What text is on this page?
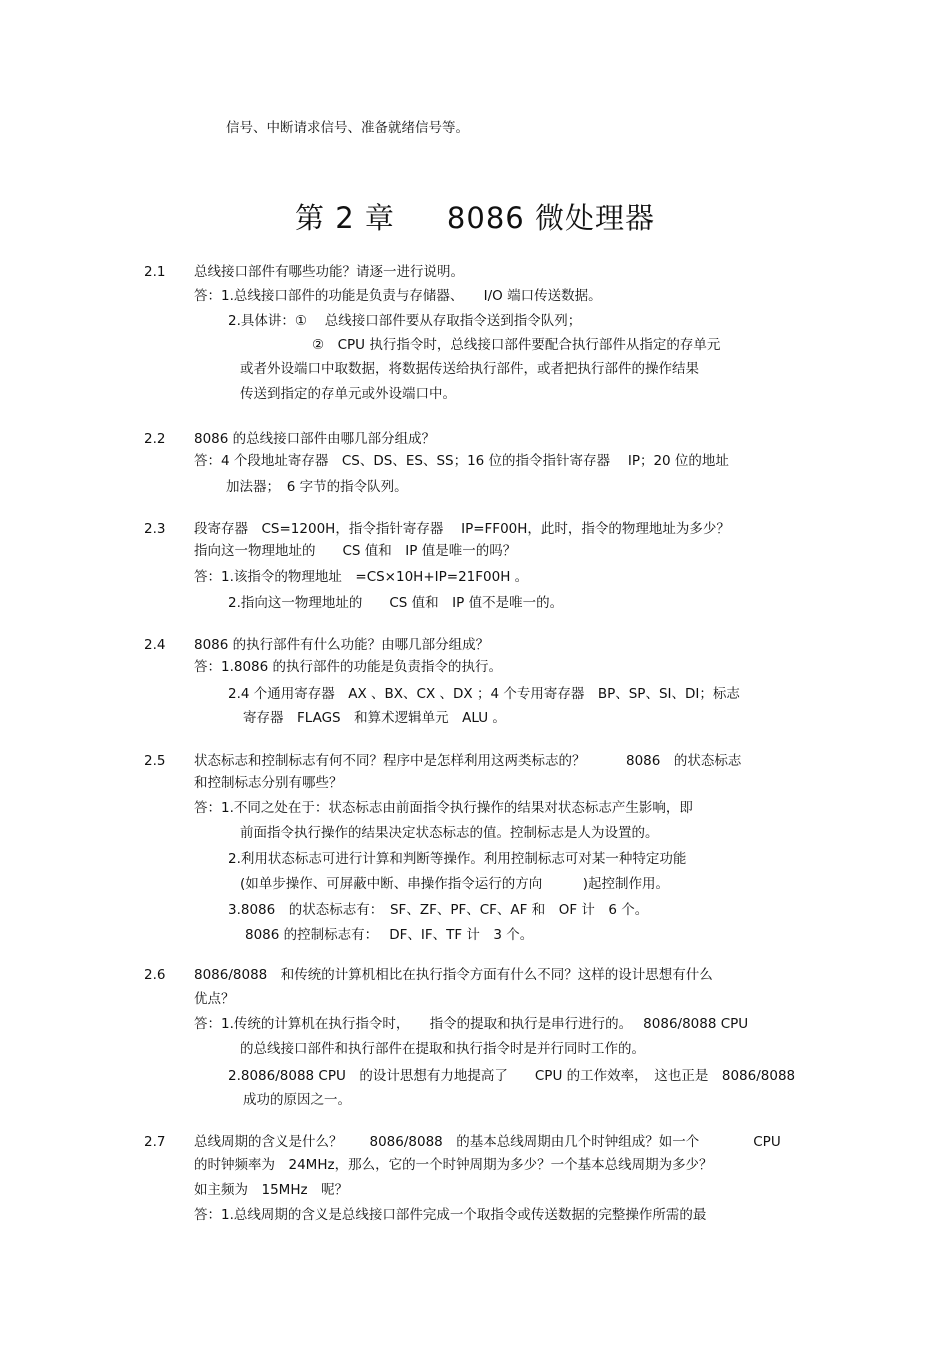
信号、中断请求信号、准备就绪信号等。
第 2 章 8086 微处理器
2.1 总线接口部件有哪些功能？请逐一进行说明。
答：1.总线接口部件的功能是负责与存储器、　　I/O 端口传送数据。
2.具体讲：①　 总线接口部件要从存取指令送到指令队列；
②　CPU 执行指令时，总线接口部件要配合执行部件从指定的存单元
或者外设端口中取数据，将数据传送给执行部件，或者把执行部件的操作结果
传送到指定的存单元或外设端口中。
2.2 8086 的总线接口部件由哪几部分组成？
答：4 个段地址寄存器　CS、DS、ES、SS；16 位的指令指针寄存器　 IP；20 位的地址
加法器；　6 字节的指令队列。
2.3 段寄存器　CS=1200H，指令指针寄存器　 IP=FF00H，此时，指令的物理地址为多少？
指向这一物理地址的　　CS 值和　IP 值是唯一的吗？
答：1.该指令的物理地址　=CS×10H+IP=21F00H 。
2.指向这一物理地址的　　CS 值和　IP 值不是唯一的。
2.4 8086 的执行部件有什么功能？由哪几部分组成？
答：1.8086 的执行部件的功能是负责指令的执行。
2.4 个通用寄存器　AX 、BX、CX 、DX ；4 个专用寄存器　BP、SP、SI、DI；标志
寄存器　FLAGS　和算术逻辑单元　ALU 。
2.5 状态标志和控制标志有何不同？程序中是怎样利用这两类标志的？　　　8086　的状态标志
和控制标志分别有哪些？
答：1.不同之处在于：状态标志由前面指令执行操作的结果对状态标志产生影响，即
前面指令执行操作的结果决定状态标志的值。控制标志是人为设置的。
2.利用状态标志可进行计算和判断等操作。利用控制标志可对某一种特定功能
(如单步操作、可屏蔽中断、串操作指令运行的方向　　　)起控制作用。
3.8086　的状态标志有：　SF、ZF、PF、CF、AF 和　OF 计　6 个。
8086 的控制标志有：　 DF、IF、TF 计　3 个。
2.6 8086/8088　和传统的计算机相比在执行指令方面有什么不同？这样的设计思想有什么
优点？
答：1.传统的计算机在执行指令时，　　指令的提取和执行是串行进行的。　 8086/8088 CPU
的总线接口部件和执行部件在提取和执行指令时是并行同时工作的。
2.8086/8088 CPU　的设计思想有力地提高了　　CPU 的工作效率，　这也正是　8086/8088
成功的原因之一。
2.7 总线周期的含义是什么？　　8086/8088　的基本总线周期由几个时钟组成？如一个　　　　CPU
的时钟频率为　24MHz，那么，它的一个时钟周期为多少？一个基本总线周期为多少？
如主频为　15MHz　呢？
答：1.总线周期的含义是总线接口部件完成一个取指令或传送数据的完整操作所需的最
